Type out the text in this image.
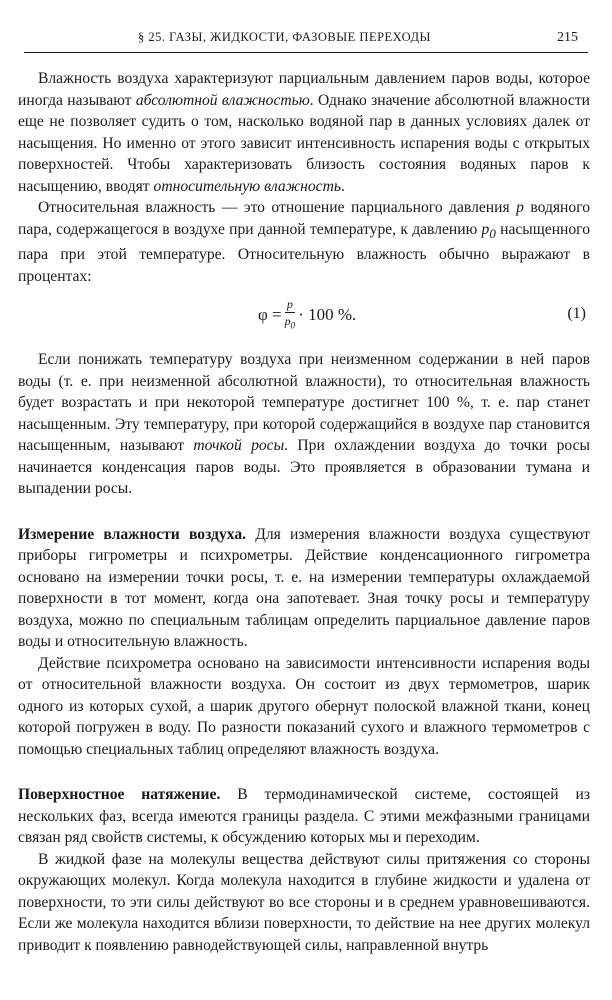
§ 25. ГАЗЫ, ЖИДКОСТИ, ФАЗОВЫЕ ПЕРЕХОДЫ	215

Влажность воздуха характеризуют парциальным давлением паров воды, которое иногда называют абсолютной влажностью. Однако значение абсолютной влажности еще не позволяет судить о том, насколько водяной пар в данных условиях далек от насыщения. Но именно от этого зависит интенсивность испарения воды с открытых поверхностей. Чтобы характеризовать близость состояния водяных паров к насыщению, вводят относительную влажность.

Относительная влажность — это отношение парциального давления p водяного пара, содержащегося в воздухе при данной температуре, к давлению $p_0$ насыщенного пара при этой температуре. Относительную влажность обычно выражают в процентах:

$\varphi = \frac{p}{p_0} \cdot 100$ %.	(1)

Если понижать температуру воздуха при неизменном содержании в ней паров воды (т. е. при неизменной абсолютной влажности), то относительная влажность будет возрастать и при некоторой температуре достигнет 100 %, т. е. пар станет насыщенным. Эту температуру, при которой содержащийся в воздухе пар становится насыщенным, называют точкой росы. При охлаждении воздуха до точки росы начинается конденсация паров воды. Это проявляется в образовании тумана и выпадении росы.

Измерение влажности воздуха. Для измерения влажности воздуха существуют приборы гигрометры и психрометры. Действие конденсационного гигрометра основано на измерении точки росы, т. е. на измерении температуры охлаждаемой поверхности в тот момент, когда она запотевает. Зная точку росы и температуру воздуха, можно по специальным таблицам определить парциальное давление паров воды и относительную влажность.

Действие психрометра основано на зависимости интенсивности испарения воды от относительной влажности воздуха. Он состоит из двух термометров, шарик одного из которых сухой, а шарик другого обернут полоской влажной ткани, конец которой погружен в воду. По разности показаний сухого и влажного термометров с помощью специальных таблиц определяют влажность воздуха.

Поверхностное натяжение. В термодинамической системе, состоящей из нескольких фаз, всегда имеются границы раздела. С этими межфазными границами связан ряд свойств системы, к обсуждению которых мы и переходим.

В жидкой фазе на молекулы вещества действуют силы притяжения со стороны окружающих молекул. Когда молекула находится в глубине жидкости и удалена от поверхности, то эти силы действуют во все стороны и в среднем уравновешиваются. Если же молекула находится вблизи поверхности, то действие на нее других молекул приводит к появлению равнодействующей силы, направленной внутрь
